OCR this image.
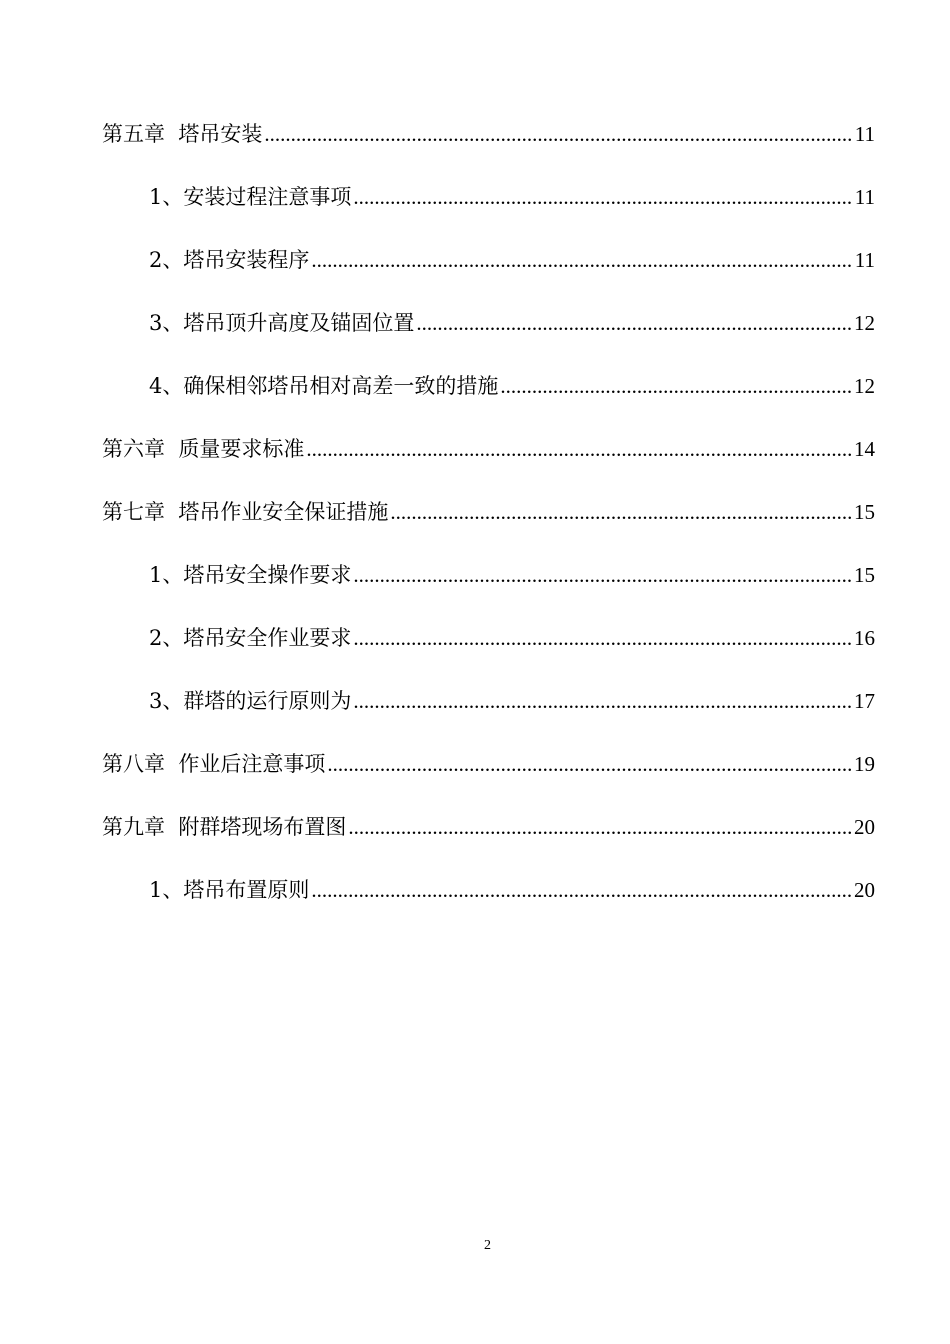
第五章  塔吊安装 .....	11
1、安装过程注意事项 .....	11
2、塔吊安装程序 .....	11
3、塔吊顶升高度及锚固位置 .....	12
4、确保相邻塔吊相对高差一致的措施 .....	12
第六章  质量要求标准 .....	14
第七章  塔吊作业安全保证措施 .....	15
1、塔吊安全操作要求 .....	15
2、塔吊安全作业要求 .....	16
3、群塔的运行原则为 .....	17
第八章  作业后注意事项 .....	19
第九章  附群塔现场布置图 .....	20
1、塔吊布置原则 .....	20
2
